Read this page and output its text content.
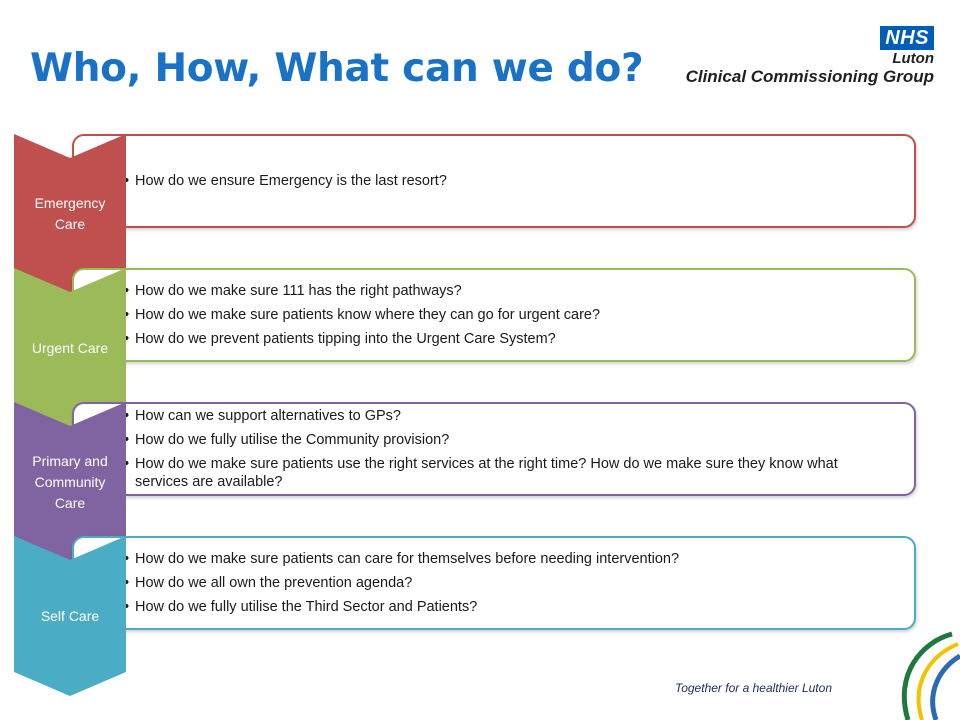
Who, How, What can we do?
NHS
Luton
Clinical Commissioning Group
• How do we ensure Emergency is the last resort?
Emergency Care
• How do we make sure 111 has the right pathways?
• How do we make sure patients know where they can go for urgent care?
• How do we prevent patients tipping into the Urgent Care System?
Urgent Care
• How can we support alternatives to GPs?
• How do we fully utilise the Community provision?
• How do we make sure patients use the right services at the right time? How do we make sure they know what services are available?
Primary and Community Care
• How do we make sure patients can care for themselves before needing intervention?
• How do we all own the prevention agenda?
• How do we fully utilise the Third Sector and Patients?
Self Care
Together for a healthier Luton
